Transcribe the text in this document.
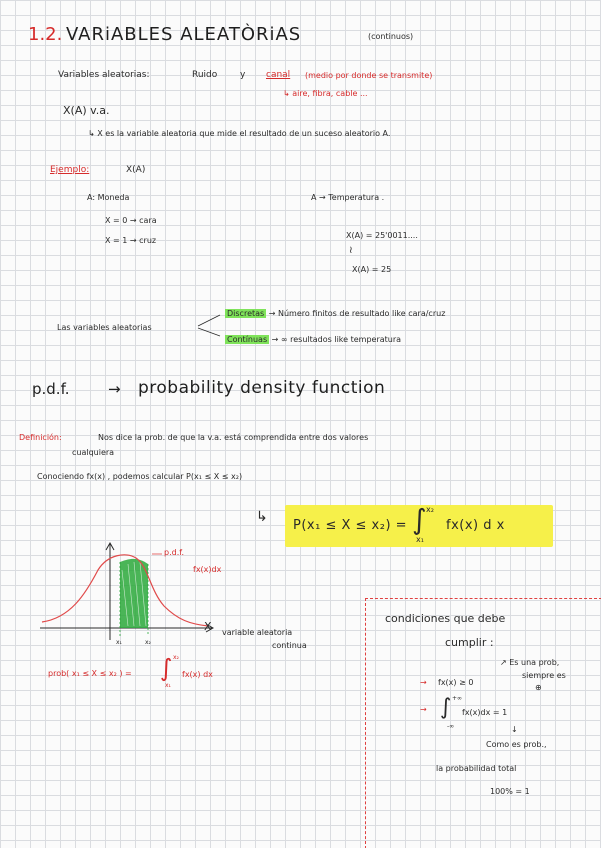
1.2. VARiABLES ALEATÒRiAS	(continuos)
Variables aleatorias:	Ruido	y canal (medio por donde se transmite)
↳ aire, fibra, cable ...
X(A) v.a.
↳ X es la variable aleatoria que mide el resultado de un suceso aleatorio A.
Ejemplo:	X(A)
A: Moneda
X = 0 → cara
X = 1 → cruz
A → Temperatura .
X(A) = 25'0011....
≀
X(A) = 25
Las variables aleatorias
Discretas → Número finitos de resultado like cara/cruz
Contínuas → ∞ resultados like temperatura
p.d.f.	→ probability density function
Definición:	Nos dice la prob. de que la v.a. está comprendida entre dos valores
cualquiera
Conociendo fx(x) , podemos calcular P(x₁ ≤ X ≤ x₂)
↳
P(x₁ ≤ X ≤ x₂) = ∫ x₂
x₁
fx(x) d x
p.d.f.
fx(x)dx
X variable aleatoria
continua
x₁	x₂
prob( x₁ ≤ X ≤ x₂ ) = ∫ x₂
x₁
fx(x) dx
condiciones que debe
cumplir :
↗ Es una prob,
siempre es
⊕
→ fx(x) ≥ 0
→ ∫ +∞
-∞
fx(x)dx = 1
↓
Como es prob.,
la probabilidad total
100% = 1
